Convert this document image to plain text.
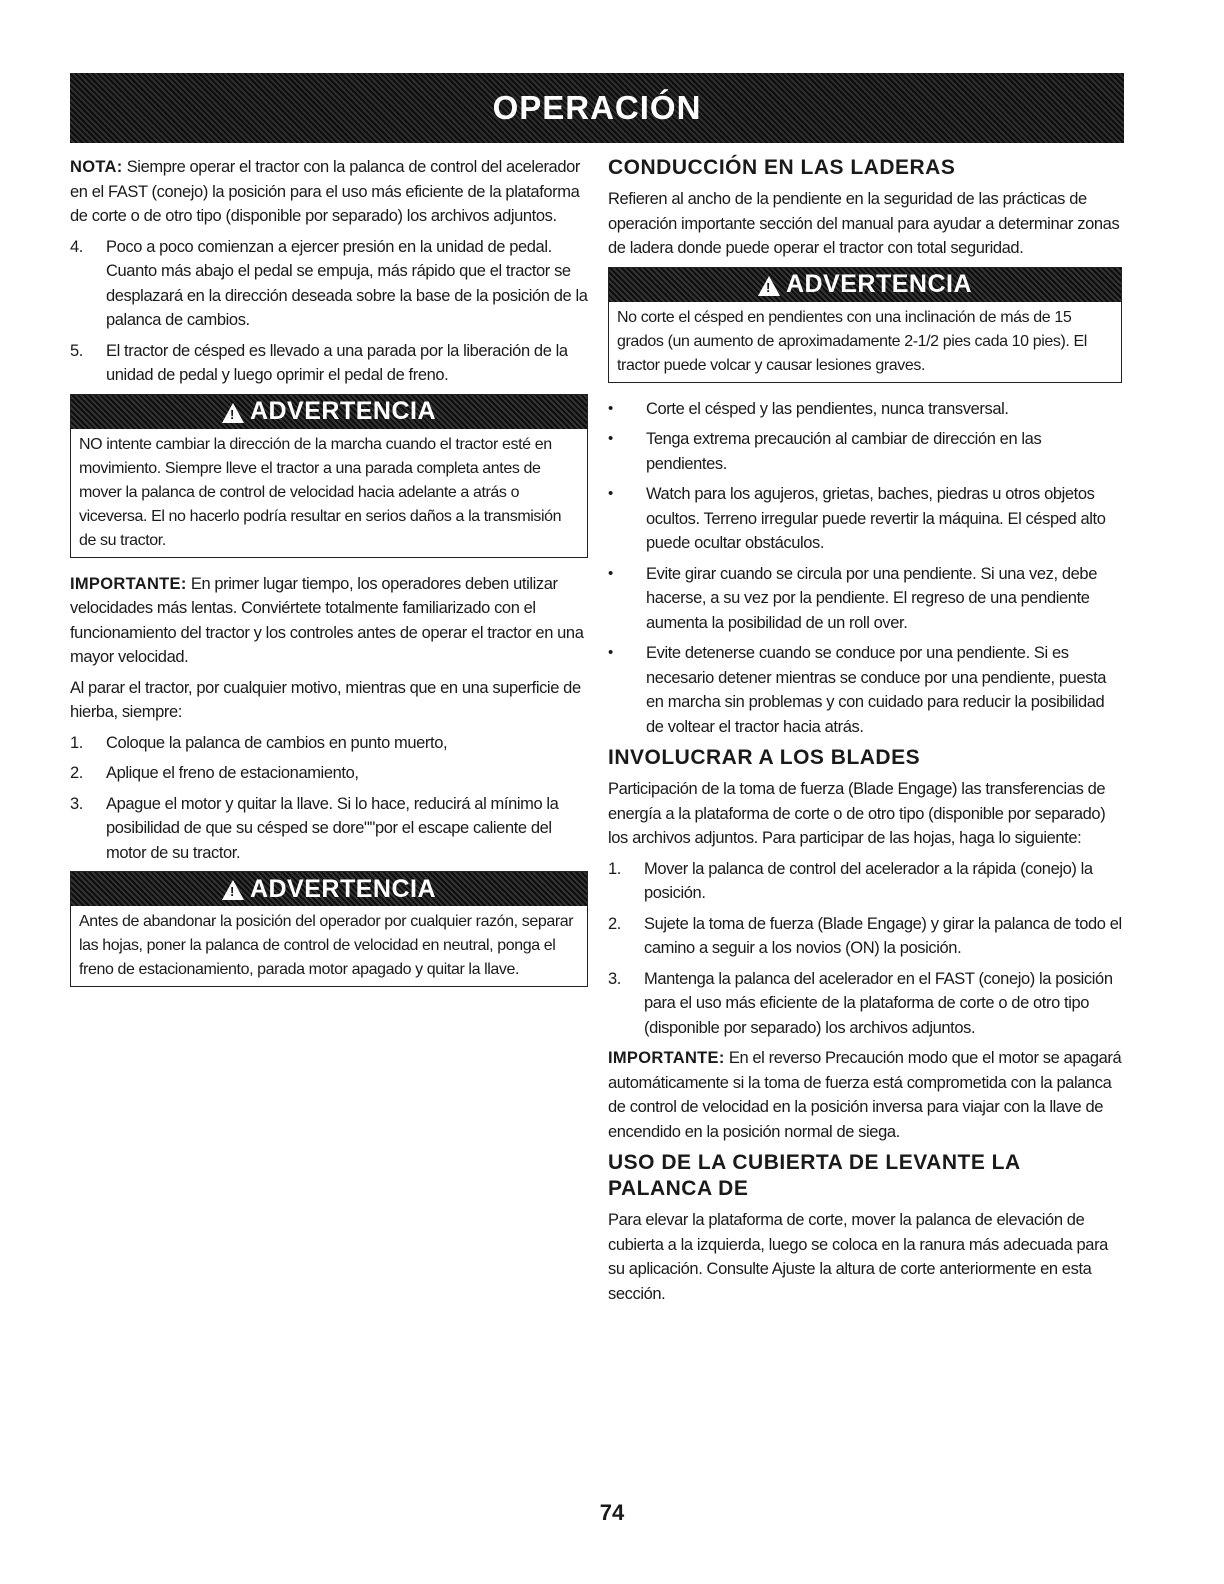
OPERACIÓN

NOTA: Siempre operar el tractor con la palanca de control del acelerador en el FAST (conejo) la posición para el uso más eficiente de la plataforma de corte o de otro tipo (disponible por separado) los archivos adjuntos.

4.	Poco a poco comienzan a ejercer presión en la unidad de pedal. Cuanto más abajo el pedal se empuja, más rápido que el tractor se desplazará en la dirección deseada sobre la base de la posición de la palanca de cambios.
5.	El tractor de césped es llevado a una parada por la liberación de la unidad de pedal y luego oprimir el pedal de freno.
!
ADVERTENCIA
NO intente cambiar la dirección de la marcha cuando el tractor esté en movimiento. Siempre lleve el tractor a una parada completa antes de mover la palanca de control de velocidad hacia adelante a atrás o viceversa. El no hacerlo podría resultar en serios daños a la transmisión de su tractor.

IMPORTANTE: En primer lugar tiempo, los operadores deben utilizar velocidades más lentas. Conviértete totalmente familiarizado con el funcionamiento del tractor y los controles antes de operar el tractor en una mayor velocidad.

Al parar el tractor, por cualquier motivo, mientras que en una superficie de hierba, siempre:

1.	Coloque la palanca de cambios en punto muerto,
2.	Aplique el freno de estacionamiento,
3.	Apague el motor y quitar la llave. Si lo hace, reducirá al mínimo la posibilidad de que su césped se dore""por el escape caliente del motor de su tractor.
!
ADVERTENCIA
Antes de abandonar la posición del operador por cualquier razón, separar las hojas, poner la palanca de control de velocidad en neutral, ponga el freno de estacionamiento, parada motor apagado y quitar la llave.
CONDUCCIÓN EN LAS LADERAS

Refieren al ancho de la pendiente en la seguridad de las prácticas de operación importante sección del manual para ayudar a determinar zonas de ladera donde puede operar el tractor con total seguridad.

!
ADVERTENCIA
No corte el césped en pendientes con una inclinación de más de 15 grados (un aumento de aproximadamente 2-1/2 pies cada 10 pies). El tractor puede volcar y causar lesiones graves.
•	Corte el césped y las pendientes, nunca transversal.
•	Tenga extrema precaución al cambiar de dirección en las pendientes.
•	Watch para los agujeros, grietas, baches, piedras u otros objetos ocultos. Terreno irregular puede revertir la máquina. El césped alto puede ocultar obstáculos.
•	Evite girar cuando se circula por una pendiente. Si una vez, debe hacerse, a su vez por la pendiente. El regreso de una pendiente aumenta la posibilidad de un roll over.
•	Evite detenerse cuando se conduce por una pendiente. Si es necesario detener mientras se conduce por una pendiente, puesta en marcha sin problemas y con cuidado para reducir la posibilidad de voltear el tractor hacia atrás.
INVOLUCRAR A LOS BLADES

Participación de la toma de fuerza (Blade Engage) las transferencias de energía a la plataforma de corte o de otro tipo (disponible por separado) los archivos adjuntos. Para participar de las hojas, haga lo siguiente:

1.	Mover la palanca de control del acelerador a la rápida (conejo) la posición.
2.	Sujete la toma de fuerza (Blade Engage) y girar la palanca de todo el camino a seguir a los novios (ON) la posición.
3.	Mantenga la palanca del acelerador en el FAST (conejo) la posición para el uso más eficiente de la plataforma de corte o de otro tipo (disponible por separado) los archivos adjuntos.

IMPORTANTE: En el reverso Precaución modo que el motor se apagará automáticamente si la toma de fuerza está comprometida con la palanca de control de velocidad en la posición inversa para viajar con la llave de encendido en la posición normal de siega.

USO DE LA CUBIERTA DE LEVANTE LA PALANCA DE

Para elevar la plataforma de corte, mover la palanca de elevación de cubierta a la izquierda, luego se coloca en la ranura más adecuada para su aplicación. Consulte Ajuste la altura de corte anteriormente en esta sección.

74
